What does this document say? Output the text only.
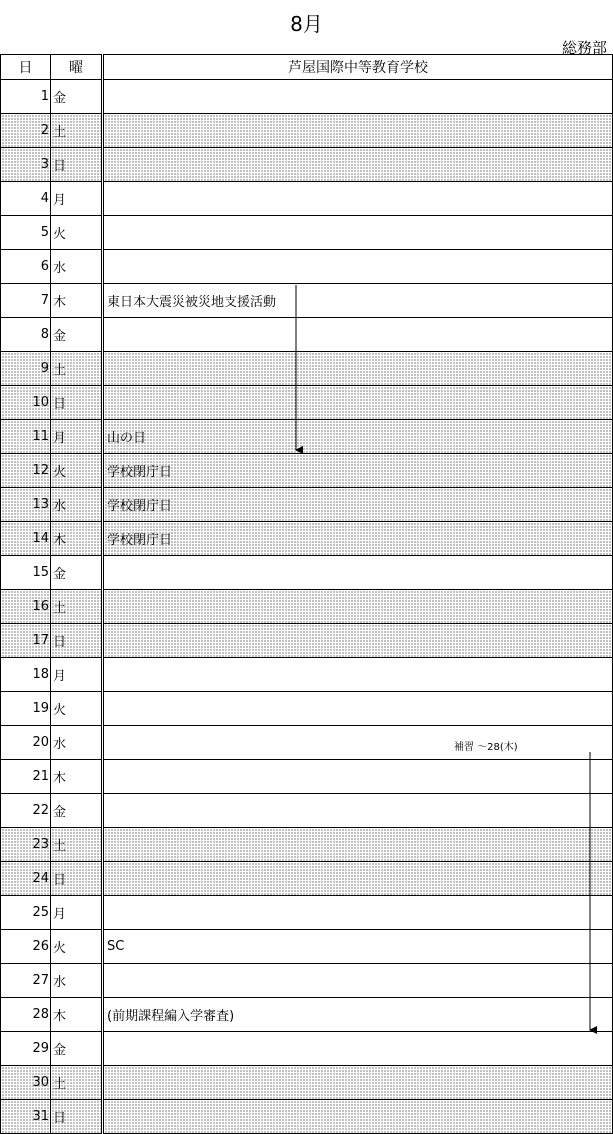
8月
総務部
日	曜	芦屋国際中等教育学校
1	金	
2	土	
3	日	
4	月	
5	火	
6	水	
7	木	東日本大震災被災地支援活動
8	金	
9	土	
10	日	
11	月	山の日
12	火	学校閉庁日
13	水	学校閉庁日
14	木	学校閉庁日
15	金	
16	土	
17	日	
18	月	
19	火	
20	水	補習 ～28(木)

21	木	
22	金	
23	土	
24	日	
25	月	
26	火	SC
27	水	
28	木	(前期課程編入学審査)
29	金	
30	土	
31	日	
